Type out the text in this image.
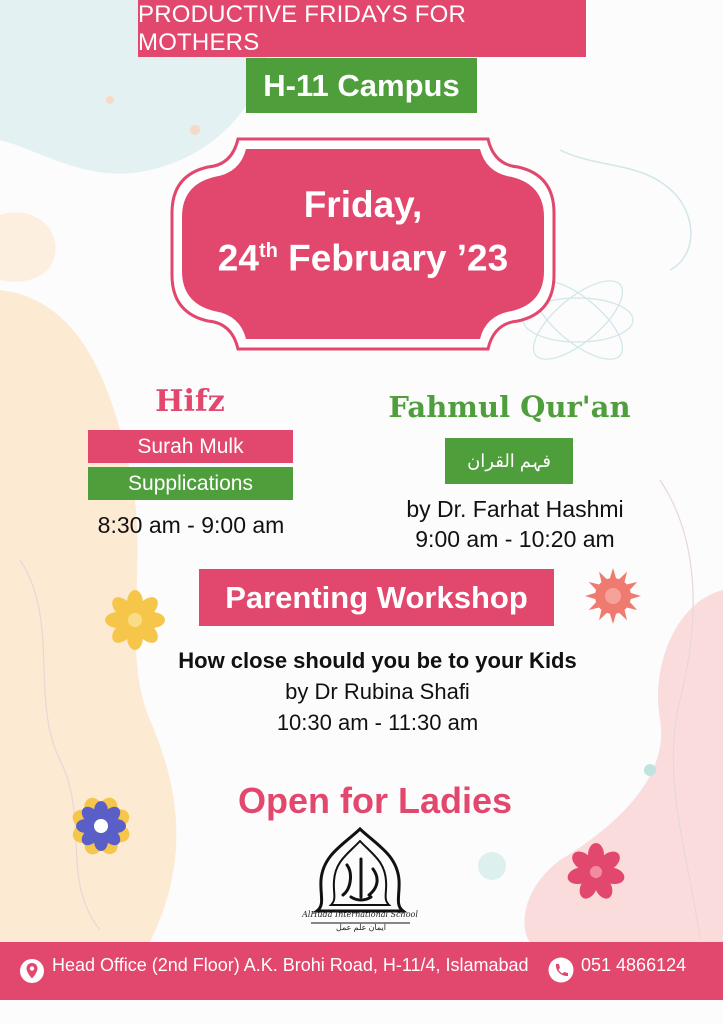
PRODUCTIVE FRIDAYS FOR MOTHERS
H-11 Campus
Friday,
24th February ’23
Hifz
Surah Mulk
Supplications
8:30 am - 9:00 am
Fahmul Qur'an
فہم القران
by Dr. Farhat Hashmi
9:00 am - 10:20 am
Parenting Workshop
How close should you be to your Kids
by Dr Rubina Shafi
10:30 am - 11:30 am
Open for Ladies
AlHuda International School
ایمان علم عمل
Head Office (2nd Floor) A.K. Brohi Road, H-11/4, Islamabad	051 4866124
